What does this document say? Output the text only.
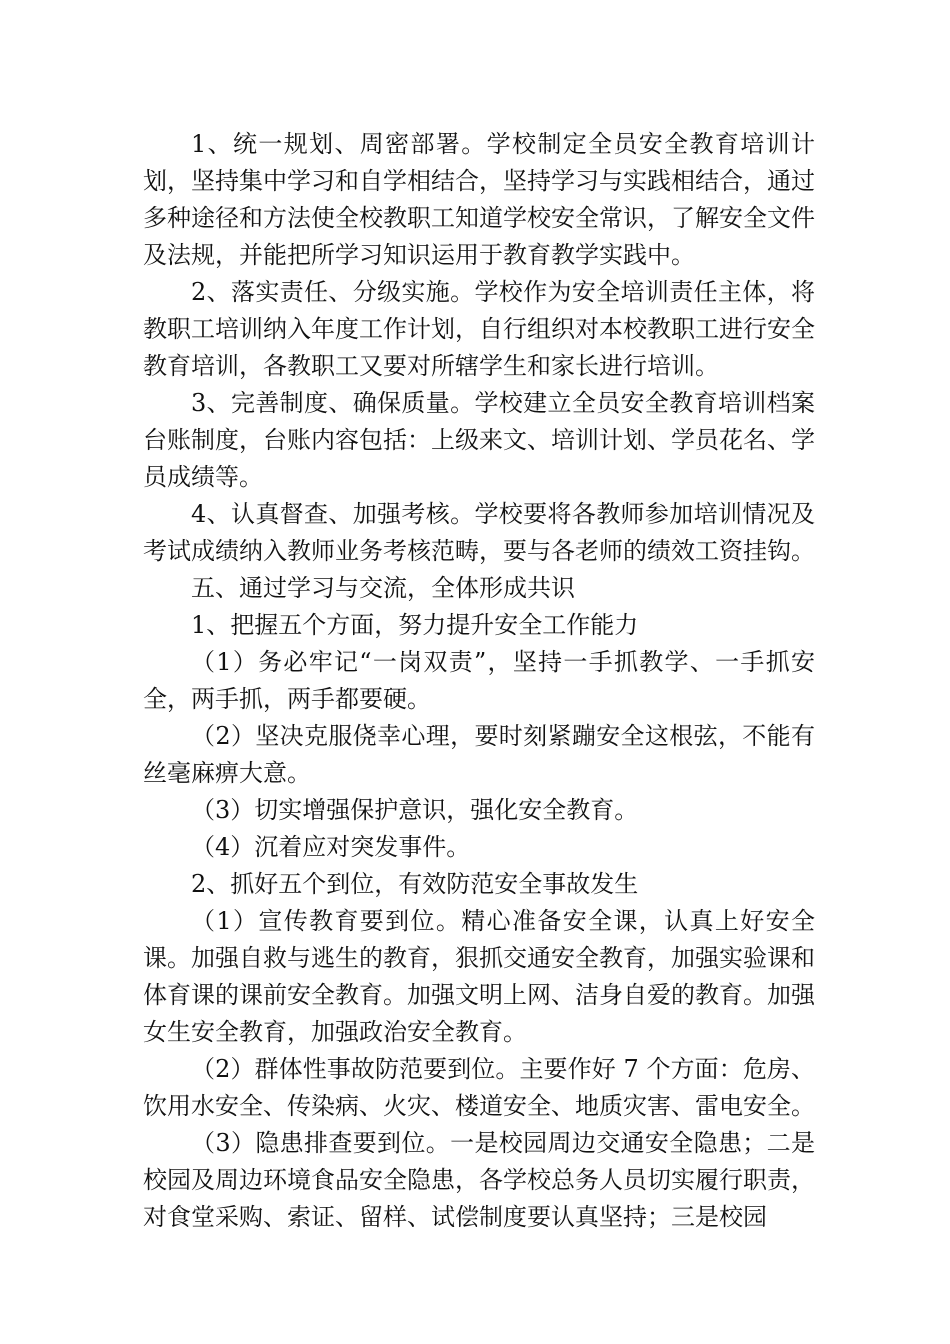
1、统一规划、周密部署。学校制定全员安全教育培训计划，坚持集中学习和自学相结合，坚持学习与实践相结合，通过多种途径和方法使全校教职工知道学校安全常识，了解安全文件及法规，并能把所学习知识运用于教育教学实践中。

2、落实责任、分级实施。学校作为安全培训责任主体，将教职工培训纳入年度工作计划，自行组织对本校教职工进行安全教育培训，各教职工又要对所辖学生和家长进行培训。

3、完善制度、确保质量。学校建立全员安全教育培训档案台账制度，台账内容包括：上级来文、培训计划、学员花名、学员成绩等。

4、认真督查、加强考核。学校要将各教师参加培训情况及考试成绩纳入教师业务考核范畴，要与各老师的绩效工资挂钩。

五、通过学习与交流，全体形成共识

1、把握五个方面，努力提升安全工作能力

（1）务必牢记“一岗双责”，坚持一手抓教学、一手抓安全，两手抓，两手都要硬。

（2）坚决克服侥幸心理，要时刻紧蹦安全这根弦，不能有丝毫麻痹大意。

（3）切实增强保护意识，强化安全教育。

（4）沉着应对突发事件。

2、抓好五个到位，有效防范安全事故发生

（1）宣传教育要到位。精心准备安全课，认真上好安全课。加强自救与逃生的教育，狠抓交通安全教育，加强实验课和体育课的课前安全教育。加强文明上网、洁身自爱的教育。加强女生安全教育，加强政治安全教育。

（2）群体性事故防范要到位。主要作好 7 个方面：危房、饮用水安全、传染病、火灾、楼道安全、地质灾害、雷电安全。

（3）隐患排查要到位。一是校园周边交通安全隐患；二是校园及周边环境食品安全隐患，各学校总务人员切实履行职责，对食堂采购、索证、留样、试偿制度要认真坚持；三是校园
